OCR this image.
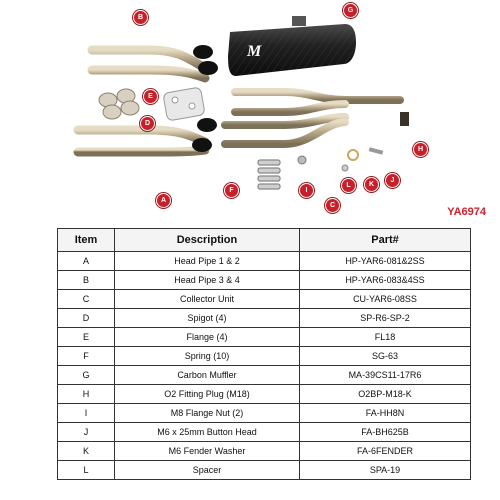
M
A
B
C
D
E
F
G
H
I
J
K
L
YA6974
Item	Description	Part#
A	Head Pipe 1 & 2	HP-YAR6-081&2SS
B	Head Pipe 3 & 4	HP-YAR6-083&4SS
C	Collector Unit	CU-YAR6-08SS
D	Spigot (4)	SP-R6-SP-2
E	Flange (4)	FL18
F	Spring (10)	SG-63
G	Carbon Muffler	MA-39CS11-17R6
H	O2 Fitting Plug (M18)	O2BP-M18-K
I	M8 Flange Nut (2)	FA-HH8N
J	M6 x 25mm Button Head	FA-BH625B
K	M6 Fender Washer	FA-6FENDER
L	Spacer	SPA-19
